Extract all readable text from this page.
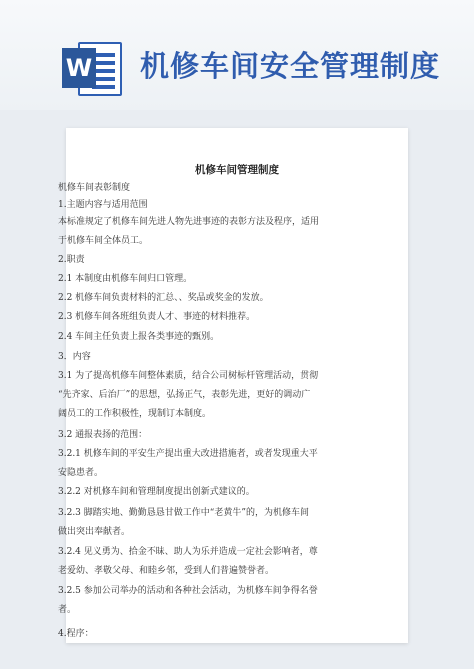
W 机修车间安全管理制度
机修车间管理制度
机修车间表彰制度
1.主题内容与适用范围
本标准规定了机修车间先进人物先进事迹的表彰方法及程序，适用
于机修车间全体员工。
2.职责
2.1 本制度由机修车间归口管理。
2.2 机修车间负责材料的汇总、、奖品或奖金的发放。
2.3 机修车间各班组负责人才、事迹的材料推荐。
2.4 车间主任负责上报各类事迹的甄别。
3．内容
3.1 为了提高机修车间整体素质，结合公司树标杆管理活动，贯彻
“先齐家、后治厂”的思想，弘扬正气，表彰先进，更好的调动广
阔员工的工作积极性，现制订本制度。
3.2 通报表扬的范围：
3.2.1 机修车间的平安生产提出重大改进措施者，或者发现重大平
安隐患者。
3.2.2 对机修车间和管理制度提出创新式建议的。
3.2.3 脚踏实地、勤勤恳恳甘做工作中“老黄牛”的，为机修车间
做出突出奉献者。
3.2.4 见义勇为、拾金不昧、助人为乐并造成一定社会影响者，尊
老爱幼、孝敬父母、和睦乡邻，受到人们普遍赞誉者。
3.2.5 参加公司举办的活动和各种社会活动，为机修车间争得名誉
者。
4.程序：
